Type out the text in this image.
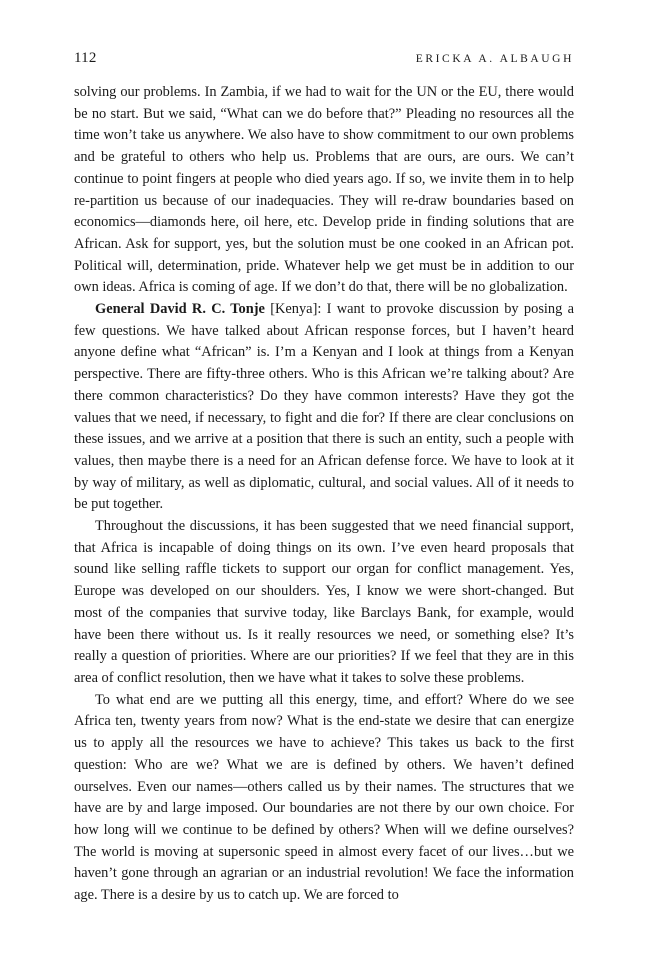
112	ERICKA A. ALBAUGH

solving our problems. In Zambia, if we had to wait for the UN or the EU, there would be no start. But we said, “What can we do before that?” Pleading no resources all the time won’t take us anywhere. We also have to show commitment to our own problems and be grateful to others who help us. Problems that are ours, are ours. We can’t continue to point fingers at people who died years ago. If so, we invite them in to help re-partition us because of our inadequacies. They will re-draw boundaries based on economics—diamonds here, oil here, etc. Develop pride in finding solutions that are African. Ask for support, yes, but the solution must be one cooked in an African pot. Political will, determination, pride. Whatever help we get must be in addition to our own ideas. Africa is coming of age. If we don’t do that, there will be no globalization.

General David R. C. Tonje [Kenya]: I want to provoke discussion by posing a few questions. We have talked about African response forces, but I haven’t heard anyone define what “African” is. I’m a Kenyan and I look at things from a Kenyan perspective. There are fifty-three others. Who is this African we’re talking about? Are there common characteristics? Do they have common interests? Have they got the values that we need, if necessary, to fight and die for? If there are clear conclusions on these issues, and we arrive at a position that there is such an entity, such a people with values, then maybe there is a need for an African defense force. We have to look at it by way of military, as well as diplomatic, cultural, and social values. All of it needs to be put together.

Throughout the discussions, it has been suggested that we need financial support, that Africa is incapable of doing things on its own. I’ve even heard proposals that sound like selling raffle tickets to support our organ for conflict management. Yes, Europe was developed on our shoulders. Yes, I know we were short-changed. But most of the companies that survive today, like Barclays Bank, for example, would have been there without us. Is it really resources we need, or something else? It’s really a question of priorities. Where are our priorities? If we feel that they are in this area of conflict resolution, then we have what it takes to solve these problems.

To what end are we putting all this energy, time, and effort? Where do we see Africa ten, twenty years from now? What is the end-state we desire that can energize us to apply all the resources we have to achieve? This takes us back to the first question: Who are we? What we are is defined by others. We haven’t defined ourselves. Even our names—others called us by their names. The structures that we have are by and large imposed. Our boundaries are not there by our own choice. For how long will we continue to be defined by others? When will we define ourselves? The world is moving at supersonic speed in almost every facet of our lives…but we haven’t gone through an agrarian or an industrial revolution! We face the information age. There is a desire by us to catch up. We are forced to
